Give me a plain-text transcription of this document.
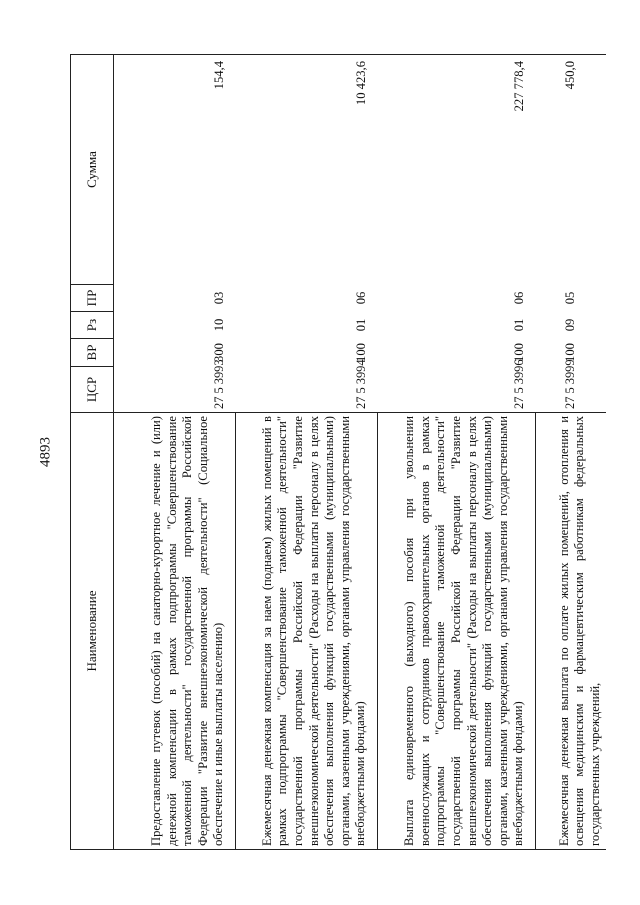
4893
Наименование	ЦСР	ВР	Рз	ПР	Сумма
Предоставление путевок (пособий) на санаторно-курортное лечение и (или) денежной компенсации в рамках подпрограммы "Совершенствование таможенной деятельности" государственной программы Российской Федерации "Развитие внешнеэкономической деятельности" (Социальное обеспечение и иные выплаты населению)	27 5 3993	300	10	03	154,4
Ежемесячная денежная компенсация за наем (поднаем) жилых помещений в рамках подпрограммы "Совершенствование таможенной деятельности" государственной программы Российской Федерации "Развитие внешнеэкономической деятельности" (Расходы на выплаты персоналу в целях обеспечения выполнения функций государственными (муниципальными) органами, казенными учреждениями, органами управления государственными внебюджетными фондами)	27 5 3994	100	01	06	10 423,6
Выплата единовременного (выходного) пособия при увольнении военнослужащих и сотрудников правоохранительных органов в рамках подпрограммы "Совершенствование таможенной деятельности" государственной программы Российской Федерации "Развитие внешнеэкономической деятельности" (Расходы на выплаты персоналу в целях обеспечения выполнения функций государственными (муниципальными) органами, казенными учреждениями, органами управления государственными внебюджетными фондами)	27 5 3996	100	01	06	227 778,4
Ежемесячная денежная выплата по оплате жилых помещений, отопления и освещения медицинским и фармацевтическим работникам федеральных государственных учреждений,	27 5 3999	100	09	05	450,0
